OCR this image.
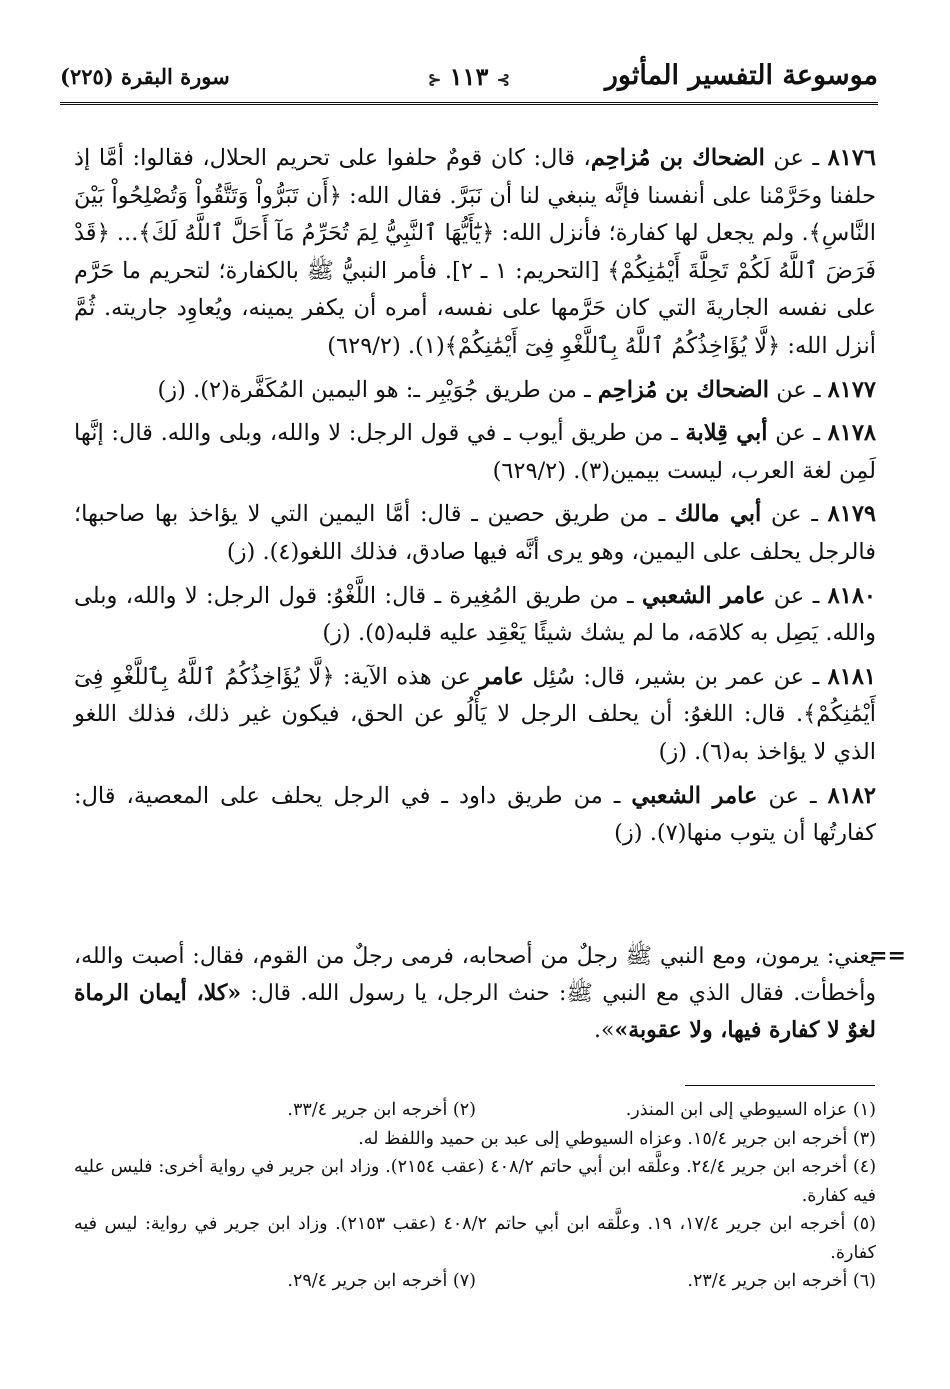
موسوعة التفسير المأثور
⊱ ١١٣ ⊰
سورة البقرة (٢٢٥)

٨١٧٦ ـ عن الضحاك بن مُزاحِم، قال: كان قومٌ حلفوا على تحريم الحلال، فقالوا: أمَّا إذ حلفنا وحَرَّمْنا على أنفسنا فإنَّه ينبغي لنا أن نَبَرَّ. فقال الله: ﴿أَن تَبَرُّواْ وَتَتَّقُواْ وَتُصْلِحُواْ بَيْنَ النَّاسِ﴾. ولم يجعل لها كفارة؛ فأنزل الله: ﴿يَٰٓأَيُّهَا ٱلنَّبِيُّ لِمَ تُحَرِّمُ مَآ أَحَلَّ ٱللَّهُ لَكَ﴾... ﴿قَدْ فَرَضَ ٱللَّهُ لَكُمْ تَحِلَّةَ أَيْمَٰنِكُمْ﴾ [التحريم: ١ ـ ٢]. فأمر النبيُّ ﷺ بالكفارة؛ لتحريم ما حَرَّم على نفسه الجاريةَ التي كان حَرَّمها على نفسه، أمره أن يكفر يمينه، ويُعاوِد جاريته. ثُمَّ أنزل الله: ﴿لَّا يُؤَاخِذُكُمُ ٱللَّهُ بِٱللَّغْوِ فِىٓ أَيْمَٰنِكُمْ﴾(١). (٦٢٩/٢)

٨١٧٧ ـ عن الضحاك بن مُزاحِم ـ من طريق جُوَيْبِر ـ: هو اليمين المُكَفَّرة(٢). (ز)

٨١٧٨ ـ عن أبي قِلابة ـ من طريق أيوب ـ في قول الرجل: لا والله، وبلى والله. قال: إنَّها لَمِن لغة العرب، ليست بيمين(٣). (٦٢٩/٢)

٨١٧٩ ـ عن أبي مالك ـ من طريق حصين ـ قال: أمَّا اليمين التي لا يؤاخذ بها صاحبها؛ فالرجل يحلف على اليمين، وهو يرى أنَّه فيها صادق، فذلك اللغو(٤). (ز)

٨١٨٠ ـ عن عامر الشعبي ـ من طريق المُغِيرة ـ قال: اللَّغْوُ: قول الرجل: لا والله، وبلى والله. يَصِل به كلامَه، ما لم يشك شيئًا يَعْقِد عليه قلبه(٥). (ز)

٨١٨١ ـ عن عمر بن بشير، قال: سُئِل عامر عن هذه الآية: ﴿لَّا يُؤَاخِذُكُمُ ٱللَّهُ بِٱللَّغْوِ فِىٓ أَيْمَٰنِكُمْ﴾. قال: اللغوُ: أن يحلف الرجل لا يَأْلُو عن الحق، فيكون غير ذلك، فذلك اللغو الذي لا يؤاخذ به(٦). (ز)

٨١٨٢ ـ عن عامر الشعبي ـ من طريق داود ـ في الرجل يحلف على المعصية، قال: كفارتُها أن يتوب منها(٧). (ز)

==
يعني: يرمون، ومع النبي ﷺ رجلٌ من أصحابه، فرمى رجلٌ من القوم، فقال: أصبت والله، وأخطأت. فقال الذي مع النبي ﷺ: حنث الرجل، يا رسول الله. قال: «كلا، أيمان الرماة لغوٌ لا كفارة فيها، ولا عقوبة»».
(١) عزاه السيوطي إلى ابن المنذر.
(٢) أخرجه ابن جرير ٣٣/٤.
(٣) أخرجه ابن جرير ١٥/٤. وعزاه السيوطي إلى عبد بن حميد واللفظ له.
(٤) أخرجه ابن جرير ٢٤/٤. وعلَّقه ابن أبي حاتم ٤٠٨/٢ (عقب ٢١٥٤). وزاد ابن جرير في رواية أخرى: فليس عليه فيه كفارة.
(٥) أخرجه ابن جرير ١٧/٤، ١٩. وعلَّقه ابن أبي حاتم ٤٠٨/٢ (عقب ٢١٥٣). وزاد ابن جرير في رواية: ليس فيه كفارة.
(٦) أخرجه ابن جرير ٢٣/٤.
(٧) أخرجه ابن جرير ٢٩/٤.
